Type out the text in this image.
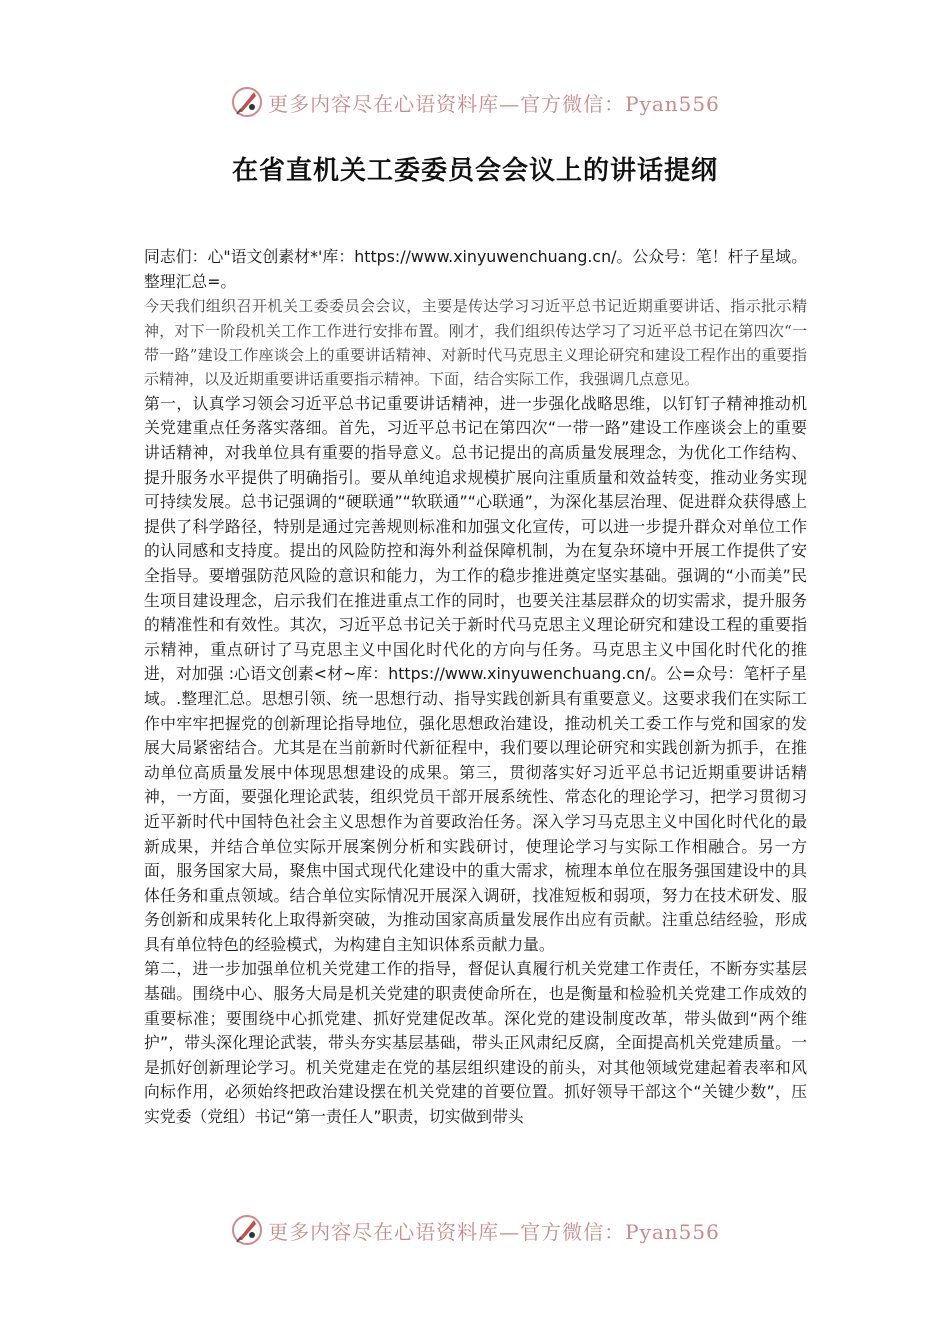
更多内容尽在心语资料库—官方微信：Pyan556
在省直机关工委委员会会议上的讲话提纲

同志们：心"语文创素材*'库：https://www.xinyuwenchuang.cn/。公众号：笔！杆子星域。整理汇总=。

今天我们组织召开机关工委委员会会议，主要是传达学习习近平总书记近期重要讲话、指示批示精神，对下一阶段机关工作工作进行安排布置。刚才，我们组织传达学习了习近平总书记在第四次“一带一路”建设工作座谈会上的重要讲话精神、对新时代马克思主义理论研究和建设工程作出的重要指示精神，以及近期重要讲话重要指示精神。下面，结合实际工作，我强调几点意见。

第一，认真学习领会习近平总书记重要讲话精神，进一步强化战略思维，以钉钉子精神推动机关党建重点任务落实落细。首先，习近平总书记在第四次“一带一路”建设工作座谈会上的重要讲话精神，对我单位具有重要的指导意义。总书记提出的高质量发展理念，为优化工作结构、提升服务水平提供了明确指引。要从单纯追求规模扩展向注重质量和效益转变，推动业务实现可持续发展。总书记强调的“硬联通”“软联通”“心联通”，为深化基层治理、促进群众获得感上提供了科学路径，特别是通过完善规则标准和加强文化宣传，可以进一步提升群众对单位工作的认同感和支持度。提出的风险防控和海外利益保障机制，为在复杂环境中开展工作提供了安全指导。要增强防范风险的意识和能力，为工作的稳步推进奠定坚实基础。强调的“小而美”民生项目建设理念，启示我们在推进重点工作的同时，也要关注基层群众的切实需求，提升服务的精准性和有效性。其次，习近平总书记关于新时代马克思主义理论研究和建设工程的重要指示精神，重点研讨了马克思主义中国化时代化的方向与任务。马克思主义中国化时代化的推进，对加强 :心语文创素<材~库：https://www.xinyuwenchuang.cn/。公=众号：笔杆子星域。.整理汇总。思想引领、统一思想行动、指导实践创新具有重要意义。这要求我们在实际工作中牢牢把握党的创新理论指导地位，强化思想政治建设，推动机关工委工作与党和国家的发展大局紧密结合。尤其是在当前新时代新征程中，我们要以理论研究和实践创新为抓手，在推动单位高质量发展中体现思想建设的成果。第三，贯彻落实好习近平总书记近期重要讲话精神，一方面，要强化理论武装，组织党员干部开展系统性、常态化的理论学习，把学习贯彻习近平新时代中国特色社会主义思想作为首要政治任务。深入学习马克思主义中国化时代化的最新成果，并结合单位实际开展案例分析和实践研讨，使理论学习与实际工作相融合。另一方面，服务国家大局，聚焦中国式现代化建设中的重大需求，梳理本单位在服务强国建设中的具体任务和重点领域。结合单位实际情况开展深入调研，找准短板和弱项，努力在技术研发、服务创新和成果转化上取得新突破，为推动国家高质量发展作出应有贡献。注重总结经验，形成具有单位特色的经验模式，为构建自主知识体系贡献力量。

第二，进一步加强单位机关党建工作的指导，督促认真履行机关党建工作责任，不断夯实基层基础。围绕中心、服务大局是机关党建的职责使命所在，也是衡量和检验机关党建工作成效的重要标准；要围绕中心抓党建、抓好党建促改革。深化党的建设制度改革，带头做到“两个维护”，带头深化理论武装，带头夯实基层基础，带头正风肃纪反腐，全面提高机关党建质量。一是抓好创新理论学习。机关党建走在党的基层组织建设的前头，对其他领域党建起着表率和风向标作用，必须始终把政治建设摆在机关党建的首要位置。抓好领导干部这个“关键少数”，压实党委（党组）书记“第一责任人”职责，切实做到带头

更多内容尽在心语资料库—官方微信：Pyan556
